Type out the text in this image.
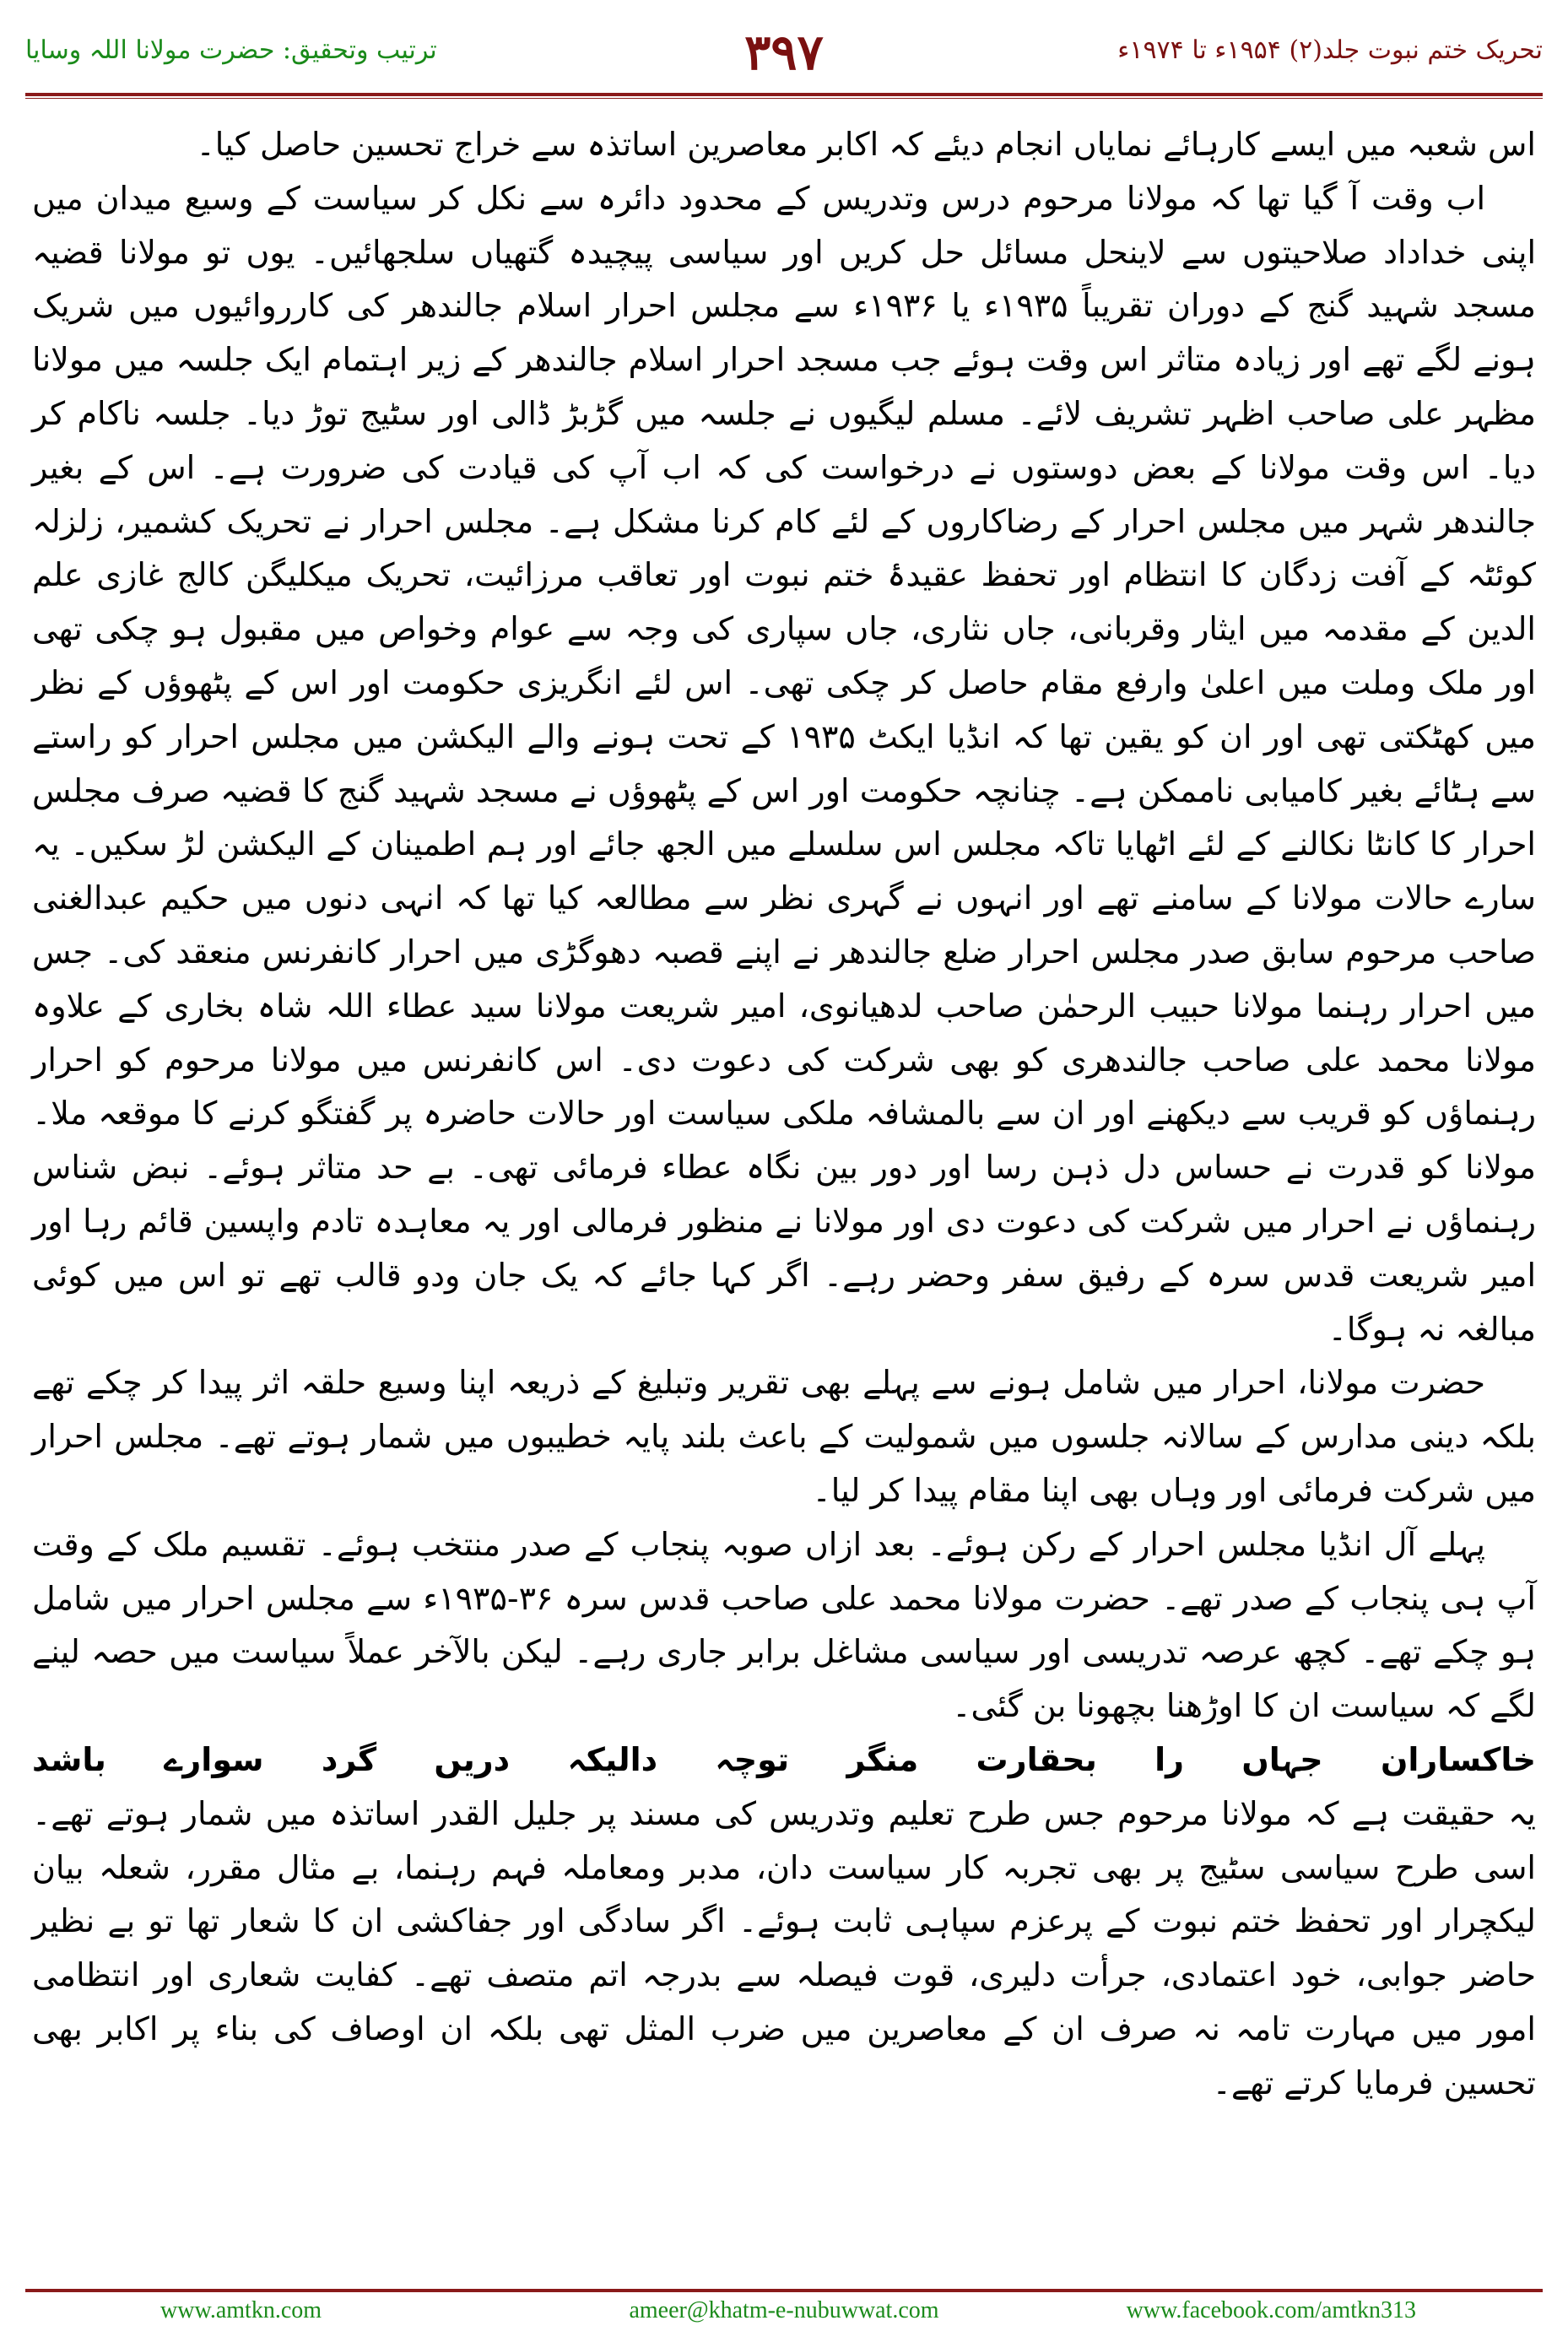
ترتیب وتحقیق: حضرت مولانا اللہ وسایا	۳۹۷	تحریک ختم نبوت جلد(۲) ۱۹۵۴ء تا ۱۹۷۴ء

اس شعبہ میں ایسے کارہائے نمایاں انجام دیئے کہ اکابر معاصرین اساتذہ سے خراج تحسین حاصل کیا۔

اب وقت آ گیا تھا کہ مولانا مرحوم درس وتدریس کے محدود دائرہ سے نکل کر سیاست کے وسیع میدان میں اپنی خداداد صلاحیتوں سے لاینحل مسائل حل کریں اور سیاسی پیچیدہ گتھیاں سلجھائیں۔ یوں تو مولانا قضیہ مسجد شہید گنج کے دوران تقریباً ۱۹۳۵ء یا ۱۹۳۶ء سے مجلس احرار اسلام جالندھر کی کارروائیوں میں شریک ہونے لگے تھے اور زیادہ متاثر اس وقت ہوئے جب مسجد احرار اسلام جالندھر کے زیر اہتمام ایک جلسہ میں مولانا مظہر علی صاحب اظہر تشریف لائے۔ مسلم لیگیوں نے جلسہ میں گڑبڑ ڈالی اور سٹیج توڑ دیا۔ جلسہ ناکام کر دیا۔ اس وقت مولانا کے بعض دوستوں نے درخواست کی کہ اب آپ کی قیادت کی ضرورت ہے۔ اس کے بغیر جالندھر شہر میں مجلس احرار کے رضاکاروں کے لئے کام کرنا مشکل ہے۔ مجلس احرار نے تحریک کشمیر، زلزلہ کوئٹہ کے آفت زدگان کا انتظام اور تحفظ عقیدۂ ختم نبوت اور تعاقب مرزائیت، تحریک میکلیگن کالج غازی علم الدین کے مقدمہ میں ایثار وقربانی، جاں نثاری، جاں سپاری کی وجہ سے عوام وخواص میں مقبول ہو چکی تھی اور ملک وملت میں اعلیٰ وارفع مقام حاصل کر چکی تھی۔ اس لئے انگریزی حکومت اور اس کے پٹھوؤں کے نظر میں کھٹکتی تھی اور ان کو یقین تھا کہ انڈیا ایکٹ ۱۹۳۵ کے تحت ہونے والے الیکشن میں مجلس احرار کو راستے سے ہٹائے بغیر کامیابی ناممکن ہے۔ چنانچہ حکومت اور اس کے پٹھوؤں نے مسجد شہید گنج کا قضیہ صرف مجلس احرار کا کانٹا نکالنے کے لئے اٹھایا تاکہ مجلس اس سلسلے میں الجھ جائے اور ہم اطمینان کے الیکشن لڑ سکیں۔ یہ سارے حالات مولانا کے سامنے تھے اور انہوں نے گہری نظر سے مطالعہ کیا تھا کہ انہی دنوں میں حکیم عبدالغنی صاحب مرحوم سابق صدر مجلس احرار ضلع جالندھر نے اپنے قصبہ دھوگڑی میں احرار کانفرنس منعقد کی۔ جس میں احرار رہنما مولانا حبیب الرحمٰن صاحب لدھیانوی، امیر شریعت مولانا سید عطاء اللہ شاہ بخاری کے علاوہ مولانا محمد علی صاحب جالندھری کو بھی شرکت کی دعوت دی۔ اس کانفرنس میں مولانا مرحوم کو احرار رہنماؤں کو قریب سے دیکھنے اور ان سے بالمشافہ ملکی سیاست اور حالات حاضرہ پر گفتگو کرنے کا موقعہ ملا۔ مولانا کو قدرت نے حساس دل ذہن رسا اور دور بین نگاہ عطاء فرمائی تھی۔ بے حد متاثر ہوئے۔ نبض شناس رہنماؤں نے احرار میں شرکت کی دعوت دی اور مولانا نے منظور فرمالی اور یہ معاہدہ تادم واپسین قائم رہا اور امیر شریعت قدس سرہ کے رفیق سفر وحضر رہے۔ اگر کہا جائے کہ یک جان ودو قالب تھے تو اس میں کوئی مبالغہ نہ ہوگا۔

حضرت مولانا، احرار میں شامل ہونے سے پہلے بھی تقریر وتبلیغ کے ذریعہ اپنا وسیع حلقہ اثر پیدا کر چکے تھے بلکہ دینی مدارس کے سالانہ جلسوں میں شمولیت کے باعث بلند پایہ خطیبوں میں شمار ہوتے تھے۔ مجلس احرار میں شرکت فرمائی اور وہاں بھی اپنا مقام پیدا کر لیا۔

پہلے آل انڈیا مجلس احرار کے رکن ہوئے۔ بعد ازاں صوبہ پنجاب کے صدر منتخب ہوئے۔ تقسیم ملک کے وقت آپ ہی پنجاب کے صدر تھے۔ حضرت مولانا محمد علی صاحب قدس سرہ ۳۶-۱۹۳۵ء سے مجلس احرار میں شامل ہو چکے تھے۔ کچھ عرصہ تدریسی اور سیاسی مشاغل برابر جاری رہے۔ لیکن بالآخر عملاً سیاست میں حصہ لینے لگے کہ سیاست ان کا اوڑھنا بچھونا بن گئی۔

خاکساران
جہاں
را
بحقارت
منگر
توچہ
دالیکہ
دریں
گرد
سوارے
باشد

یہ حقیقت ہے کہ مولانا مرحوم جس طرح تعلیم وتدریس کی مسند پر جلیل القدر اساتذہ میں شمار ہوتے تھے۔ اسی طرح سیاسی سٹیج پر بھی تجربہ کار سیاست دان، مدبر ومعاملہ فہم رہنما، بے مثال مقرر، شعلہ بیان لیکچرار اور تحفظ ختم نبوت کے پرعزم سپاہی ثابت ہوئے۔ اگر سادگی اور جفاکشی ان کا شعار تھا تو بے نظیر حاضر جوابی، خود اعتمادی، جرأت دلیری، قوت فیصلہ سے بدرجہ اتم متصف تھے۔ کفایت شعاری اور انتظامی امور میں مہارت تامہ نہ صرف ان کے معاصرین میں ضرب المثل تھی بلکہ ان اوصاف کی بناء پر اکابر بھی تحسین فرمایا کرتے تھے۔

www.amtkn.com	ameer@khatm-e-nubuwwat.com	www.facebook.com/amtkn313
